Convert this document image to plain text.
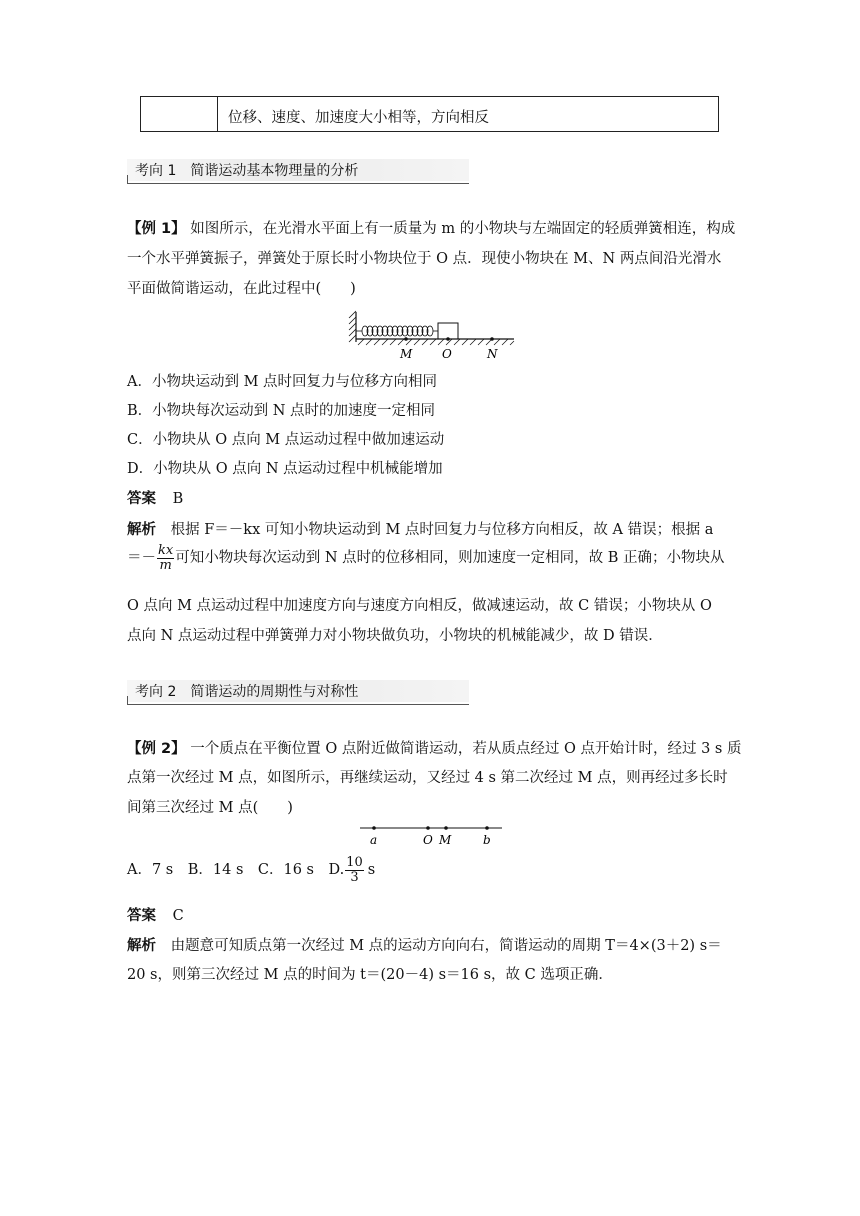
位移、速度、加速度大小相等，方向相反
考向 1　简谐运动基本物理量的分析
【例 1】 如图所示，在光滑水平面上有一质量为 m 的小物块与左端固定的轻质弹簧相连，构成
一个水平弹簧振子，弹簧处于原长时小物块位于 O 点．现使小物块在 M、N 两点间沿光滑水
平面做简谐运动，在此过程中(　　)
M O	N
A．小物块运动到 M 点时回复力与位移方向相同
B．小物块每次运动到 N 点时的加速度一定相同
C．小物块从 O 点向 M 点运动过程中做加速运动
D．小物块从 O 点向 N 点运动过程中机械能增加
答案 B
解析 根据 F＝－kx 可知小物块运动到 M 点时回复力与位移方向相反，故 A 错误；根据 a
＝－ $\frac{kx}{m}$ 可知小物块每次运动到 N 点时的位移相同，则加速度一定相同，故 B 正确；小物块从
O 点向 M 点运动过程中加速度方向与速度方向相反，做减速运动，故 C 错误；小物块从 O
点向 N 点运动过程中弹簧弹力对小物块做负功，小物块的机械能减少，故 D 错误．
考向 2　简谐运动的周期性与对称性
【例 2】 一个质点在平衡位置 O 点附近做简谐运动，若从质点经过 O 点开始计时，经过 3 s 质
点第一次经过 M 点，如图所示，再继续运动，又经过 4 s 第二次经过 M 点，则再经过多长时
间第三次经过 M 点(　　)
a	O M	b
A．7 s　B．14 s　C．16 s　D. $\frac{10}{3}$ s
答案 C
解析 由题意可知质点第一次经过 M 点的运动方向向右，简谐运动的周期 T＝4×(3＋2) s＝
20 s，则第三次经过 M 点的时间为 t＝(20－4) s＝16 s，故 C 选项正确．
